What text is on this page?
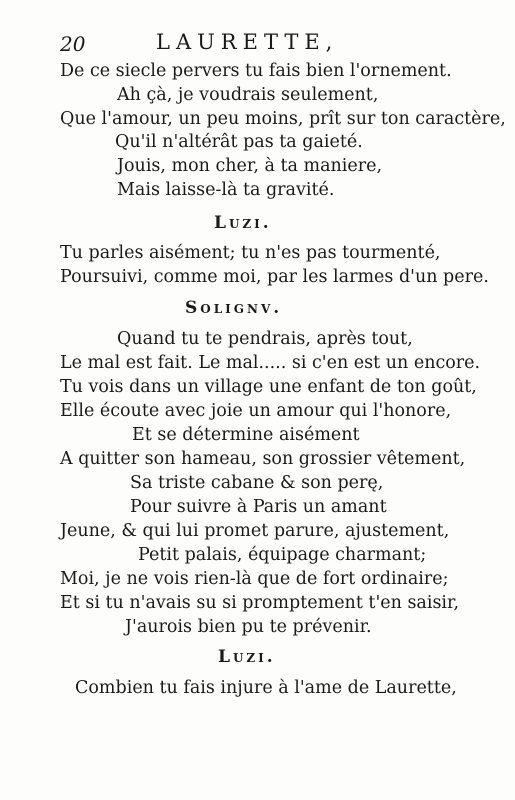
20	LAURETTE,
De ce siecle pervers tu fais bien l'ornement.
Ah çà, je voudrais seulement,
Que l'amour, un peu moins, prît sur ton caractère,
Qu'il n'altérât pas ta gaieté.
Jouis, mon cher, à ta maniere,
Mais laisse-là ta gravité.
Luzi.
Tu parles aisément; tu n'es pas tourmenté,
Poursuivi, comme moi, par les larmes d'un pere.
Solignv.
Quand tu te pendrais, après tout,
Le mal est fait. Le mal..... si c'en est un encore.
Tu vois dans un village une enfant de ton goût,
Elle écoute avec joie un amour qui l'honore,
Et se détermine aisément
A quitter son hameau, son grossier vêtement,
Sa triste cabane & son perę,
Pour suivre à Paris un amant
Jeune, & qui lui promet parure, ajustement,
Petit palais, équipage charmant;
Moi, je ne vois rien-là que de fort ordinaire;
Et si tu n'avais su si promptement t'en saisir,
J'aurois bien pu te prévenir.
Luzi.
Combien tu fais injure à l'ame de Laurette,
